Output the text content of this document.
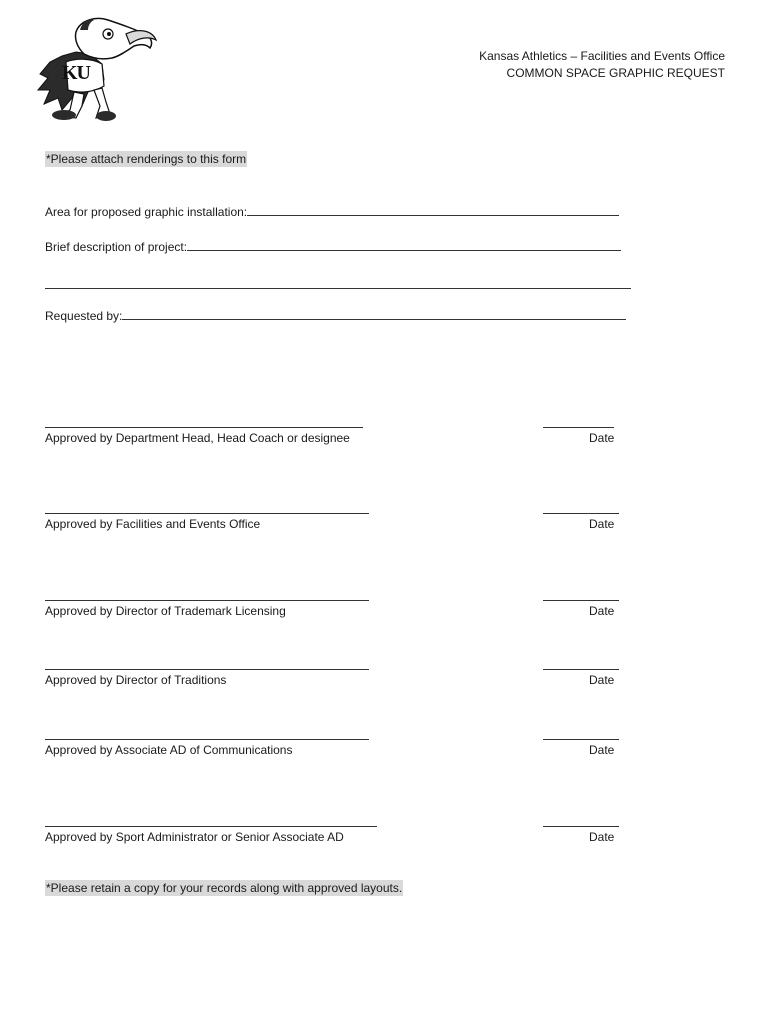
KU
Kansas Athletics – Facilities and Events Office
COMMON SPACE GRAPHIC REQUEST
*Please attach renderings to this form
Area for proposed graphic installation:
Brief description of project:
Requested by:
Approved by Department Head, Head Coach or designee	Date
Approved by Facilities and Events Office	Date
Approved by Director of Trademark Licensing	Date
Approved by Director of Traditions	Date
Approved by Associate AD of Communications	Date
Approved by Sport Administrator or Senior Associate AD	Date
*Please retain a copy for your records along with approved layouts.
